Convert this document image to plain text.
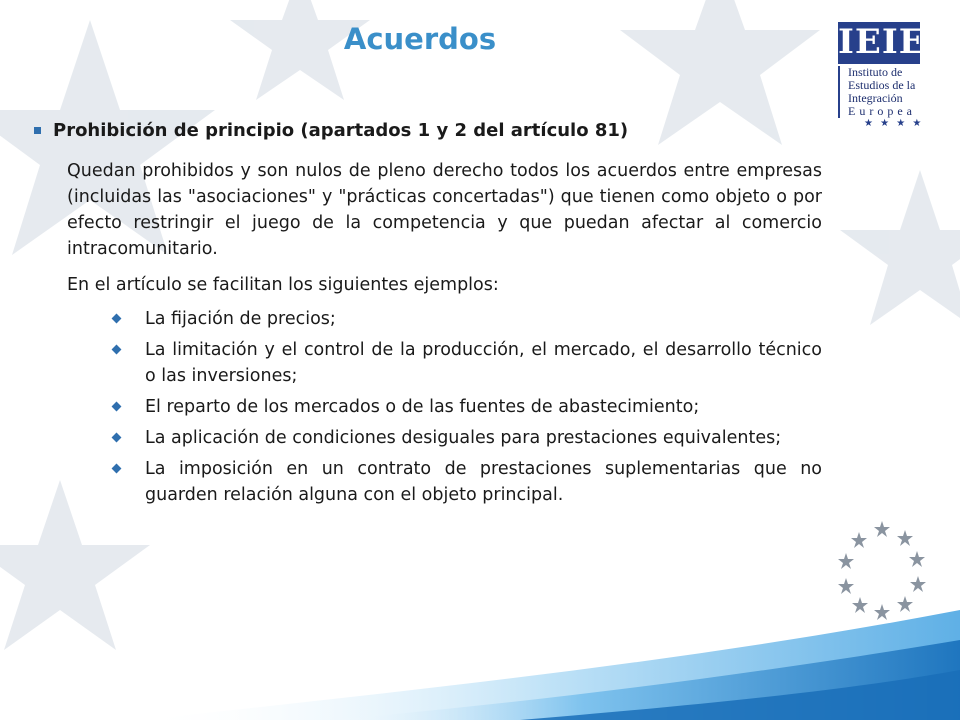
Acuerdos	IEIE
Instituto de
Estudios de la
Integración
Europea
★ ★ ★ ★
Prohibición de principio (apartados 1 y 2 del artículo 81)

Quedan prohibidos y son nulos de pleno derecho todos los acuerdos entre empresas (incluidas las "asociaciones" y "prácticas concertadas") que tienen como objeto o por efecto restringir el juego de la competencia y que puedan afectar al comercio intracomunitario.

En el artículo se facilitan los siguientes ejemplos:

La fijación de precios;
La limitación y el control de la producción, el mercado, el desarrollo técnico o las inversiones;
El reparto de los mercados o de las fuentes de abastecimiento;
La aplicación de condiciones desiguales para prestaciones equivalentes;
La imposición en un contrato de prestaciones suplementarias que no guarden relación alguna con el objeto principal.
